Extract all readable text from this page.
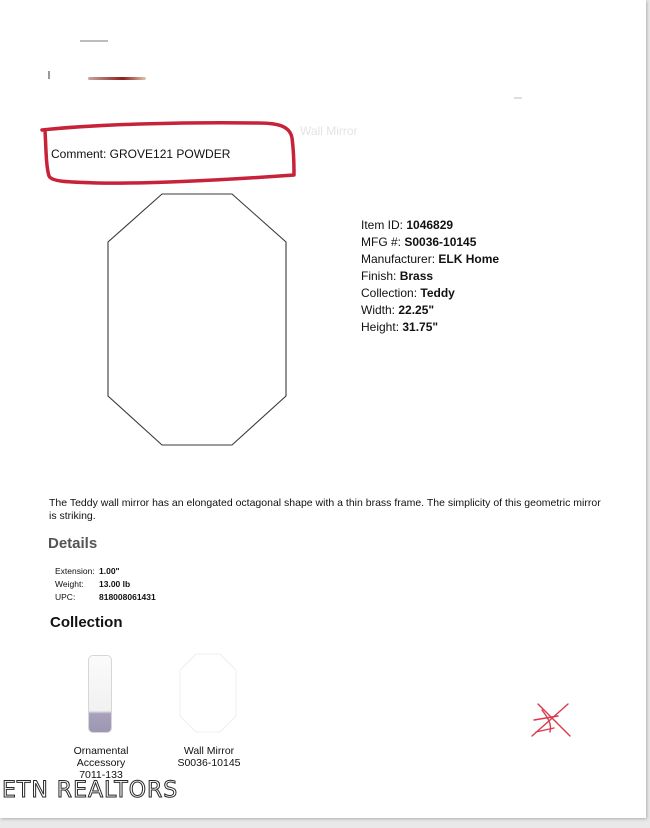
Wall Mirror
Comment: GROVE121 POWDER
Item ID: 1046829
MFG #: S0036-10145
Manufacturer: ELK Home
Finish: Brass
Collection: Teddy
Width: 22.25"
Height: 31.75"

The Teddy wall mirror has an elongated octagonal shape with a thin brass frame. The simplicity of this geometric mirror is striking.

Details
Extension: 1.00"
Weight:	13.00 lb
UPC:	818008061431
Collection
Ornamental Accessory
7011-133
Wall Mirror
S0036-10145
ETN REALTORS
